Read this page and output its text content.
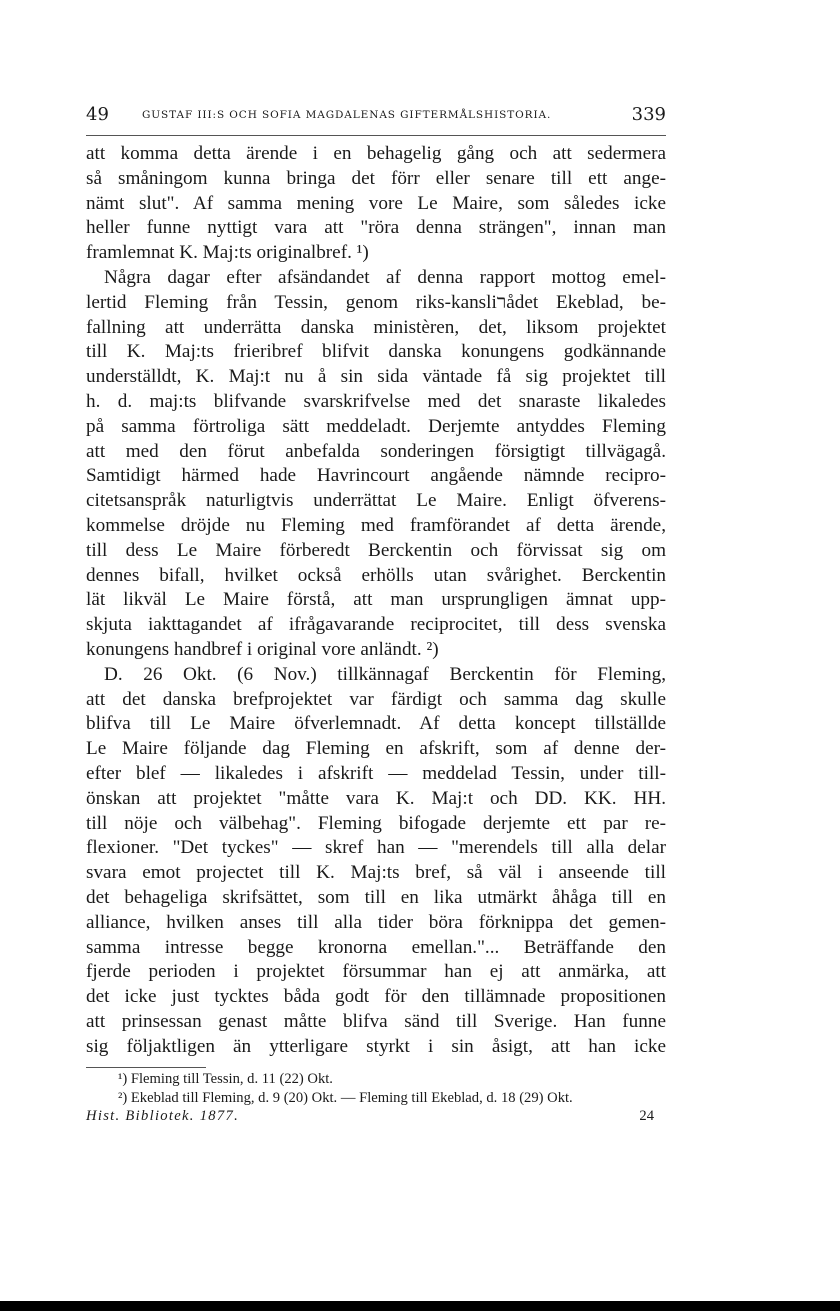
49	GUSTAF III:S OCH SOFIA MAGDALENAS GIFTERMÅLSHISTORIA.	339
att komma detta ärende i en behagelig gång och att sedermera
så småningom kunna bringa det förr eller senare till ett ange-
nämt slut". Af samma mening vore Le Maire, som således icke
heller funne nyttigt vara att "röra denna strängen", innan man
framlemnat K. Maj:ts originalbref. ¹)
Några dagar efter afsändandet af denna rapport mottog emel-
lertid Fleming från Tessin, genom riks-kansliרådet Ekeblad, be-
fallning att underrätta danska ministèren, det, liksom projektet
till K. Maj:ts frieribref blifvit danska konungens godkännande
underställdt, K. Maj:t nu å sin sida väntade få sig projektet till
h. d. maj:ts blifvande svarskrifvelse med det snaraste likaledes
på samma förtroliga sätt meddeladt. Derjemte antyddes Fleming
att med den förut anbefalda sonderingen försigtigt tillvägagå.
Samtidigt härmed hade Havrincourt angående nämnde recipro-
citetsanspråk naturligtvis underrättat Le Maire. Enligt öfverens-
kommelse dröjde nu Fleming med framförandet af detta ärende,
till dess Le Maire förberedt Berckentin och förvissat sig om
dennes bifall, hvilket också erhölls utan svårighet. Berckentin
lät likväl Le Maire förstå, att man ursprungligen ämnat upp-
skjuta iakttagandet af ifrågavarande reciprocitet, till dess svenska
konungens handbref i original vore anländt. ²)
D. 26 Okt. (6 Nov.) tillkännagaf Berckentin för Fleming,
att det danska brefprojektet var färdigt och samma dag skulle
blifva till Le Maire öfverlemnadt. Af detta koncept tillställde
Le Maire följande dag Fleming en afskrift, som af denne der-
efter blef — likaledes i afskrift — meddelad Tessin, under till-
önskan att projektet "måtte vara K. Maj:t och DD. KK. HH.
till nöje och välbehag". Fleming bifogade derjemte ett par re-
flexioner. "Det tyckes" — skref han — "merendels till alla delar
svara emot projectet till K. Maj:ts bref, så väl i anseende till
det behageliga skrifsättet, som till en lika utmärkt åhåga till en
alliance, hvilken anses till alla tider böra förknippa det gemen-
samma intresse begge kronorna emellan."... Beträffande den
fjerde perioden i projektet försummar han ej att anmärka, att
det icke just tycktes båda godt för den tillämnade propositionen
att prinsessan genast måtte blifva sänd till Sverige. Han funne
sig följaktligen än ytterligare styrkt i sin åsigt, att han icke
¹) Fleming till Tessin, d. 11 (22) Okt.
²) Ekeblad till Fleming, d. 9 (20) Okt. — Fleming till Ekeblad, d. 18 (29) Okt.
Hist. Bibliotek. 1877.	24
